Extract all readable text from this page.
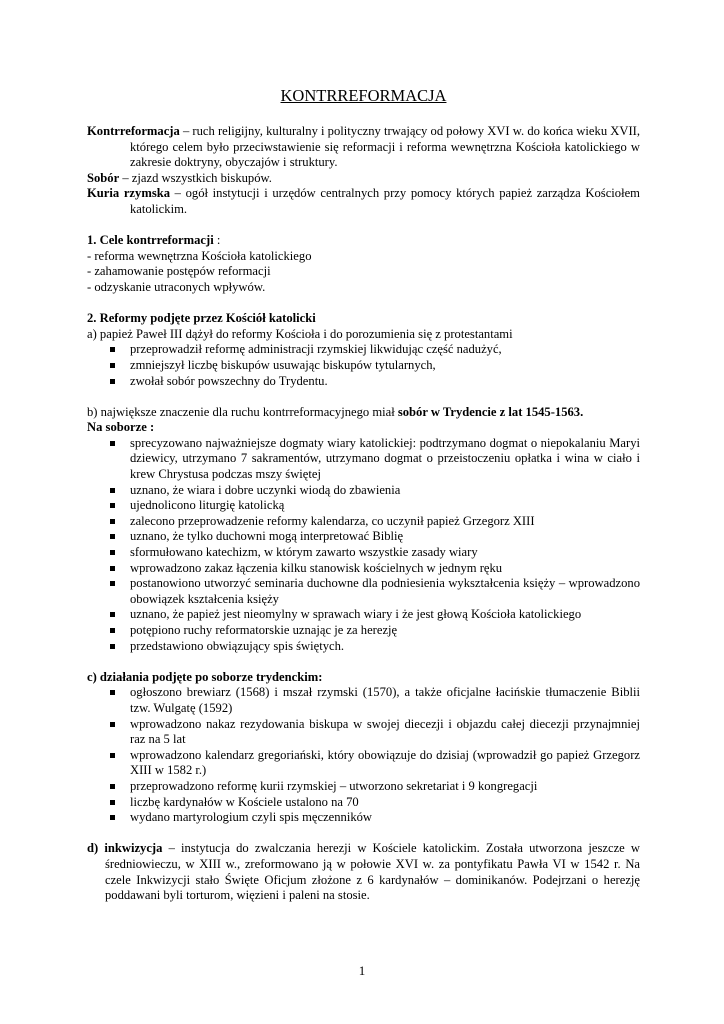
KONTRREFORMACJA

Kontrreformacja – ruch religijny, kulturalny i polityczny trwający od połowy XVI w. do końca wieku XVII, którego celem było przeciwstawienie się reformacji i reforma wewnętrzna Kościoła katolickiego w zakresie doktryny, obyczajów i struktury.

Sobór – zjazd wszystkich biskupów.

Kuria rzymska – ogół instytucji i urzędów centralnych przy pomocy których papież zarządza Kościołem katolickim.

1. Cele kontrreformacji :

- reforma wewnętrzna Kościoła katolickiego

- zahamowanie postępów reformacji

- odzyskanie utraconych wpływów.

2. Reformy podjęte przez Kościół katolicki

a) papież Paweł III dążył do reformy Kościoła i do porozumienia się z protestantami

przeprowadził reformę administracji rzymskiej likwidując część nadużyć,
zmniejszył liczbę biskupów usuwając biskupów tytularnych,
zwołał sobór powszechny do Trydentu.

b) największe znaczenie dla ruchu kontrreformacyjnego miał sobór w Trydencie z lat 1545-1563.

Na soborze :

sprecyzowano najważniejsze dogmaty wiary katolickiej: podtrzymano dogmat o niepokalaniu Maryi dziewicy, utrzymano 7 sakramentów, utrzymano dogmat o przeistoczeniu opłatka i wina w ciało i krew Chrystusa podczas mszy świętej
uznano, że wiara i dobre uczynki wiodą do zbawienia
ujednolicono liturgię katolicką
zalecono przeprowadzenie reformy kalendarza, co uczynił papież Grzegorz XIII
uznano, że tylko duchowni mogą interpretować Biblię
sformułowano katechizm, w którym zawarto wszystkie zasady wiary
wprowadzono zakaz łączenia kilku stanowisk kościelnych w jednym ręku
postanowiono utworzyć seminaria duchowne dla podniesienia wykształcenia księży – wprowadzono obowiązek kształcenia księży
uznano, że papież jest nieomylny w sprawach wiary i że jest głową Kościoła katolickiego
potępiono ruchy reformatorskie uznając je za herezję
przedstawiono obwiązujący spis świętych.

c) działania podjęte po soborze trydenckim:

ogłoszono brewiarz (1568) i mszał rzymski (1570), a także oficjalne łacińskie tłumaczenie Biblii tzw. Wulgatę (1592)
wprowadzono nakaz rezydowania biskupa w swojej diecezji i objazdu całej diecezji przynajmniej raz na 5 lat
wprowadzono kalendarz gregoriański, który obowiązuje do dzisiaj (wprowadził go papież Grzegorz XIII w 1582 r.)
przeprowadzono reformę kurii rzymskiej – utworzono sekretariat i 9 kongregacji
liczbę kardynałów w Kościele ustalono na 70
wydano martyrologium czyli spis męczenników

d) inkwizycja – instytucja do zwalczania herezji w Kościele katolickim. Została utworzona jeszcze w średniowieczu, w XIII w., zreformowano ją w połowie XVI w. za pontyfikatu Pawła VI w 1542 r. Na czele Inkwizycji stało Święte Oficjum złożone z 6 kardynałów – dominikanów. Podejrzani o herezję poddawani byli torturom, więzieni i paleni na stosie.

1
